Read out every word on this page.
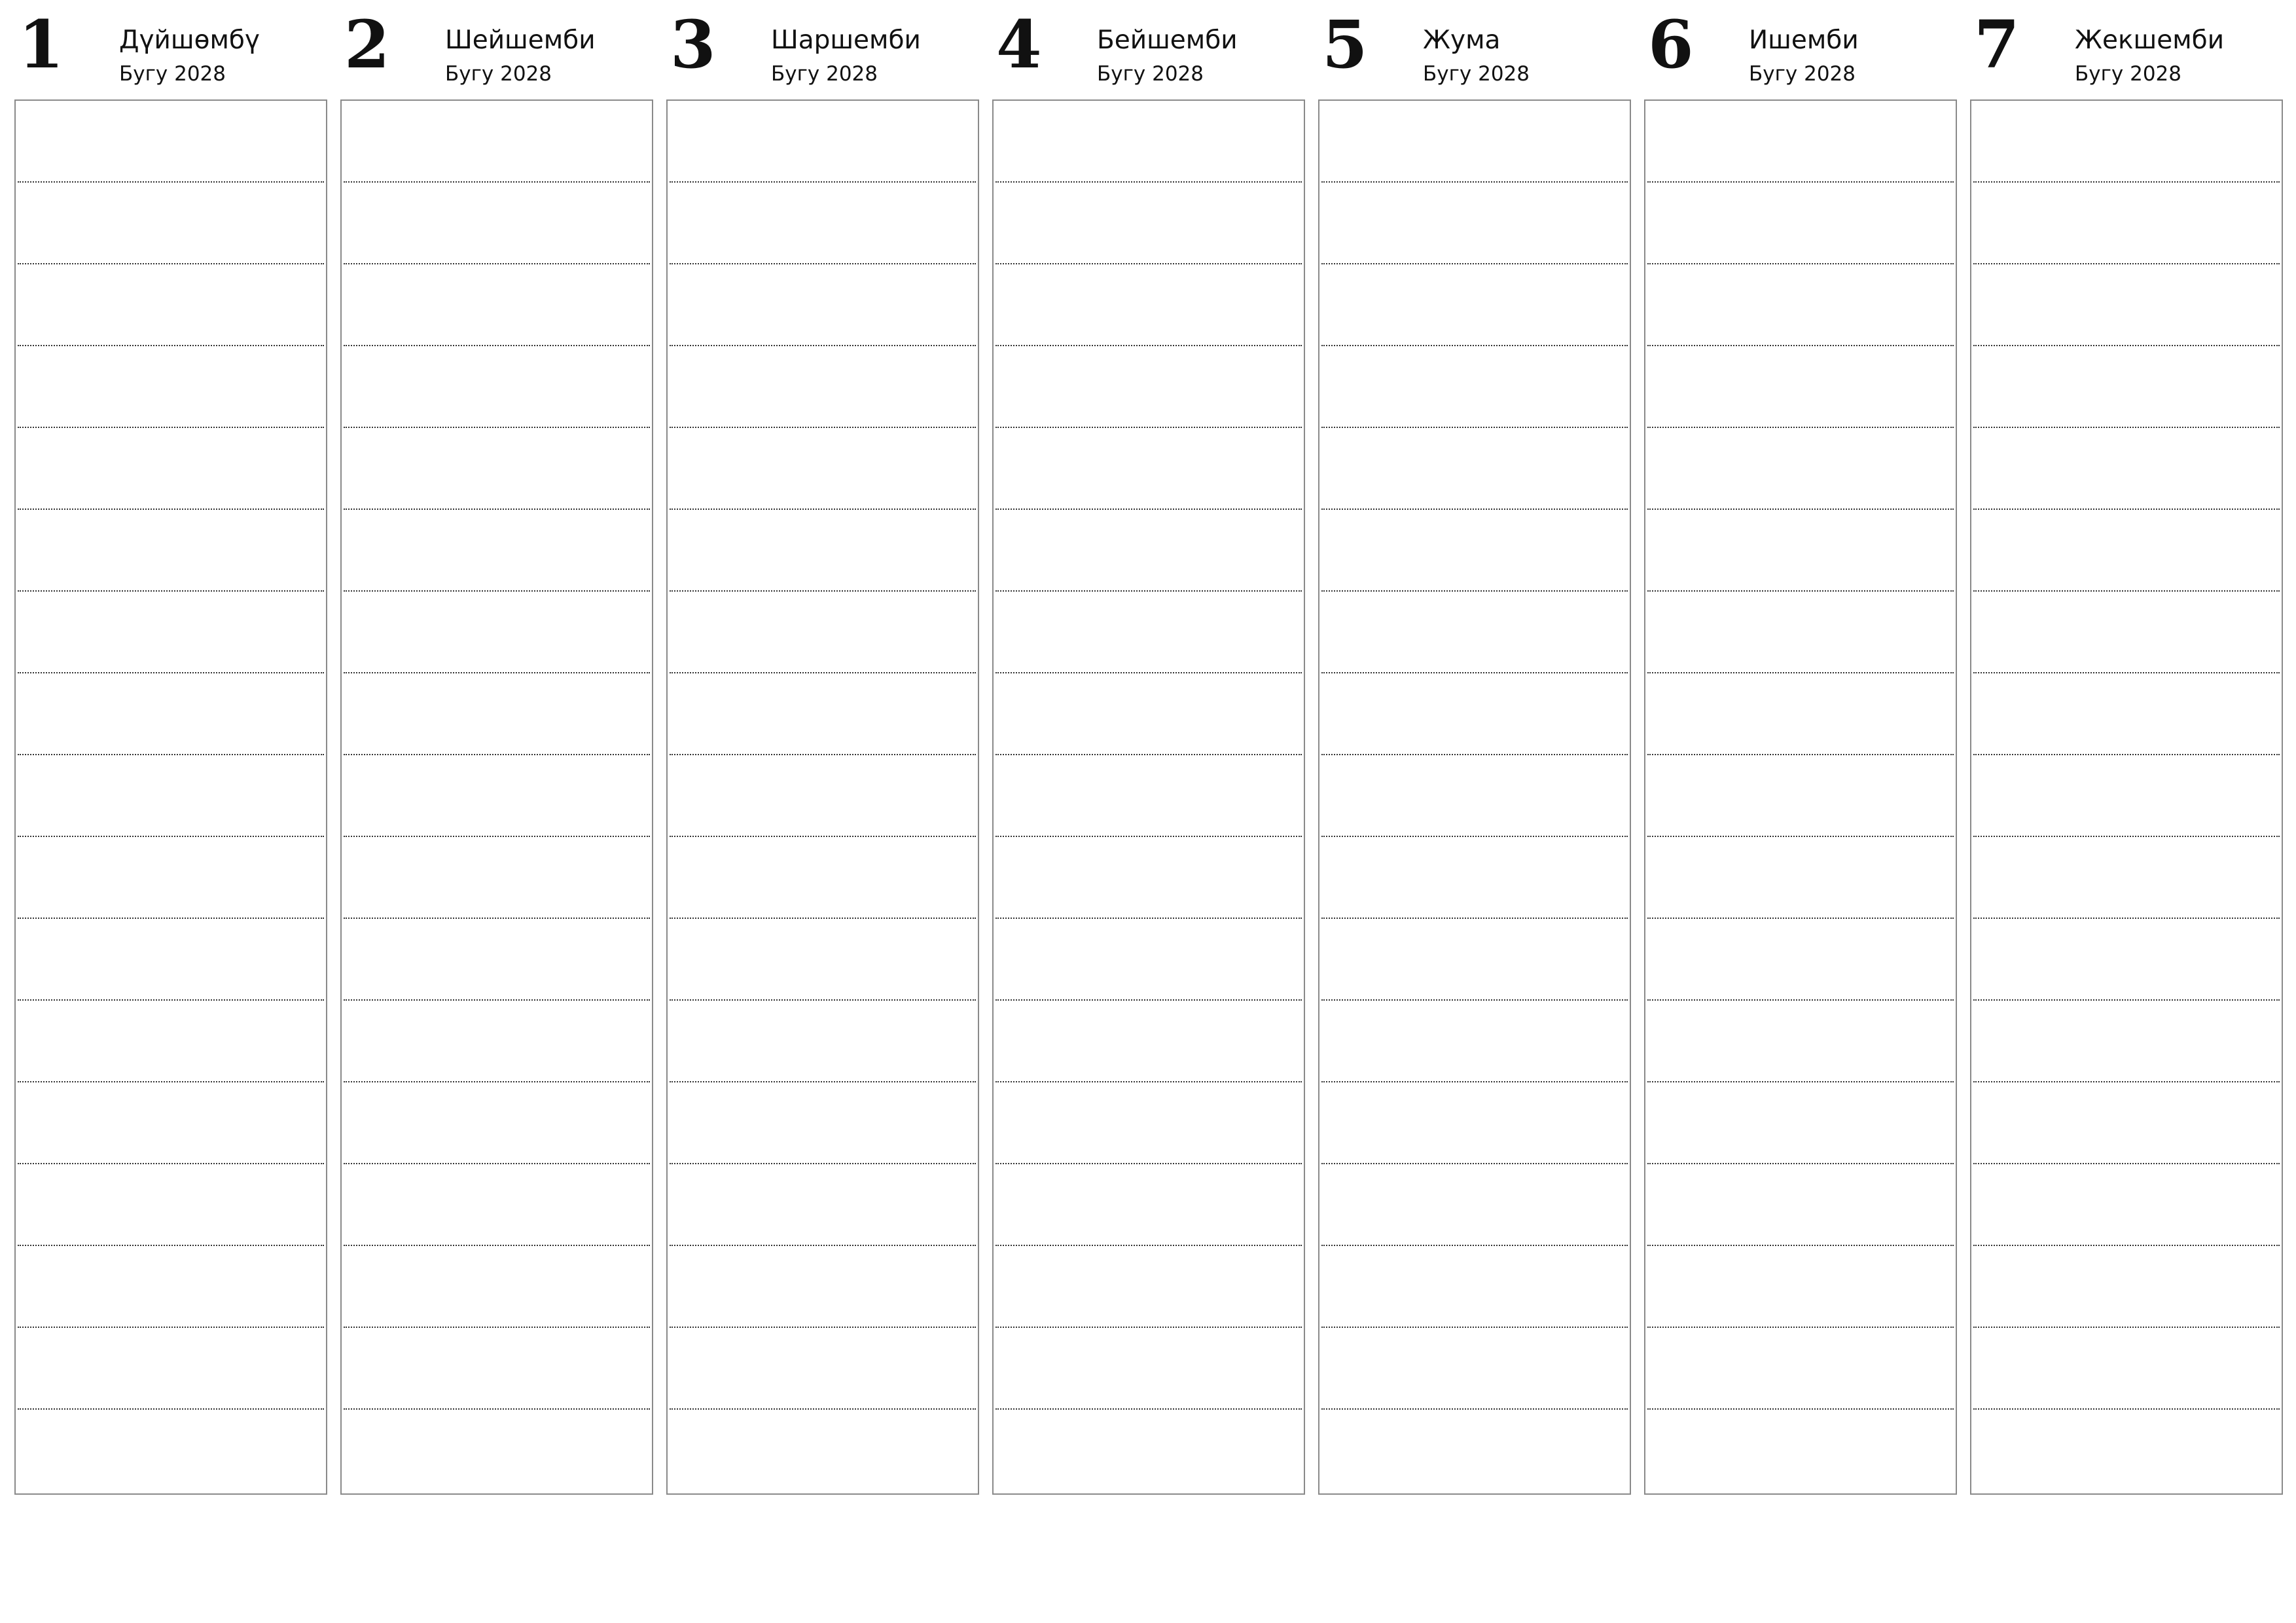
1 Дүйшөмбү
Бугу 2028 2 Шейшемби
Бугу 2028 3 Шаршемби
Бугу 2028 4 Бейшемби
Бугу 2028 5 Жума
Бугу 2028 6 Ишемби
Бугу 2028 7 Жекшемби
Бугу 2028
